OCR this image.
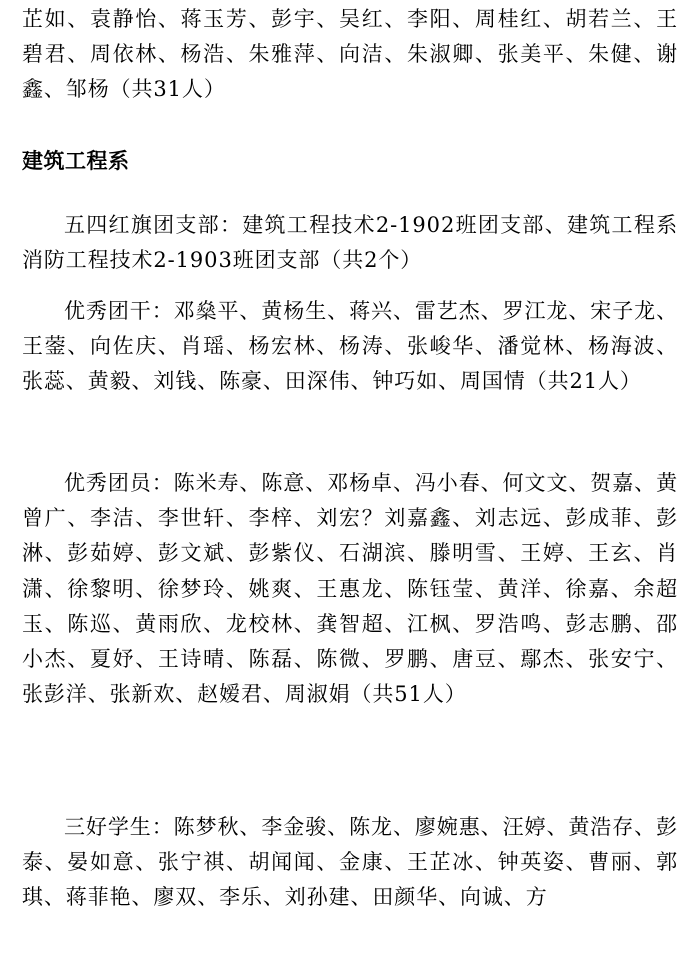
芷如、袁静怡、蒋玉芳、彭宇、吴红、李阳、周桂红、胡若兰、王碧君、周依林、杨浩、朱雅萍、向洁、朱淑卿、张美平、朱健、谢鑫、邹杨（共31人）

建筑工程系

五四红旗团支部：建筑工程技术2-1902班团支部、建筑工程系消防工程技术2-1903班团支部（共2个）

优秀团干：邓燊平、黄杨生、蒋兴、雷艺杰、罗江龙、宋子龙、王蓥、向佐庆、肖瑶、杨宏林、杨涛、张峻华、潘觉林、杨海波、张蕊、黄毅、刘钱、陈豪、田深伟、钟巧如、周国情（共21人）

优秀团员：陈米寿、陈意、邓杨卓、冯小春、何文文、贺嘉、黄曾广、李洁、李世轩、李梓、刘宏？刘嘉鑫、刘志远、彭成菲、彭淋、彭茹婷、彭文斌、彭紫仪、石湖滨、滕明雪、王婷、王玄、肖潇、徐黎明、徐梦玲、姚爽、王惠龙、陈钰莹、黄洋、徐嘉、余超玉、陈巡、黄雨欣、龙校林、龚智超、江枫、罗浩鸣、彭志鹏、邵小杰、夏妤、王诗晴、陈磊、陈微、罗鹏、唐豆、鄢杰、张安宁、张彭洋、张新欢、赵嫒君、周淑娟（共51人）

三好学生：陈梦秋、李金骏、陈龙、廖婉惠、汪婷、黄浩存、彭泰、晏如意、张宁祺、胡闻闻、金康、王芷冰、钟英姿、曹丽、郭琪、蒋菲艳、廖双、李乐、刘孙建、田颜华、向诚、方
